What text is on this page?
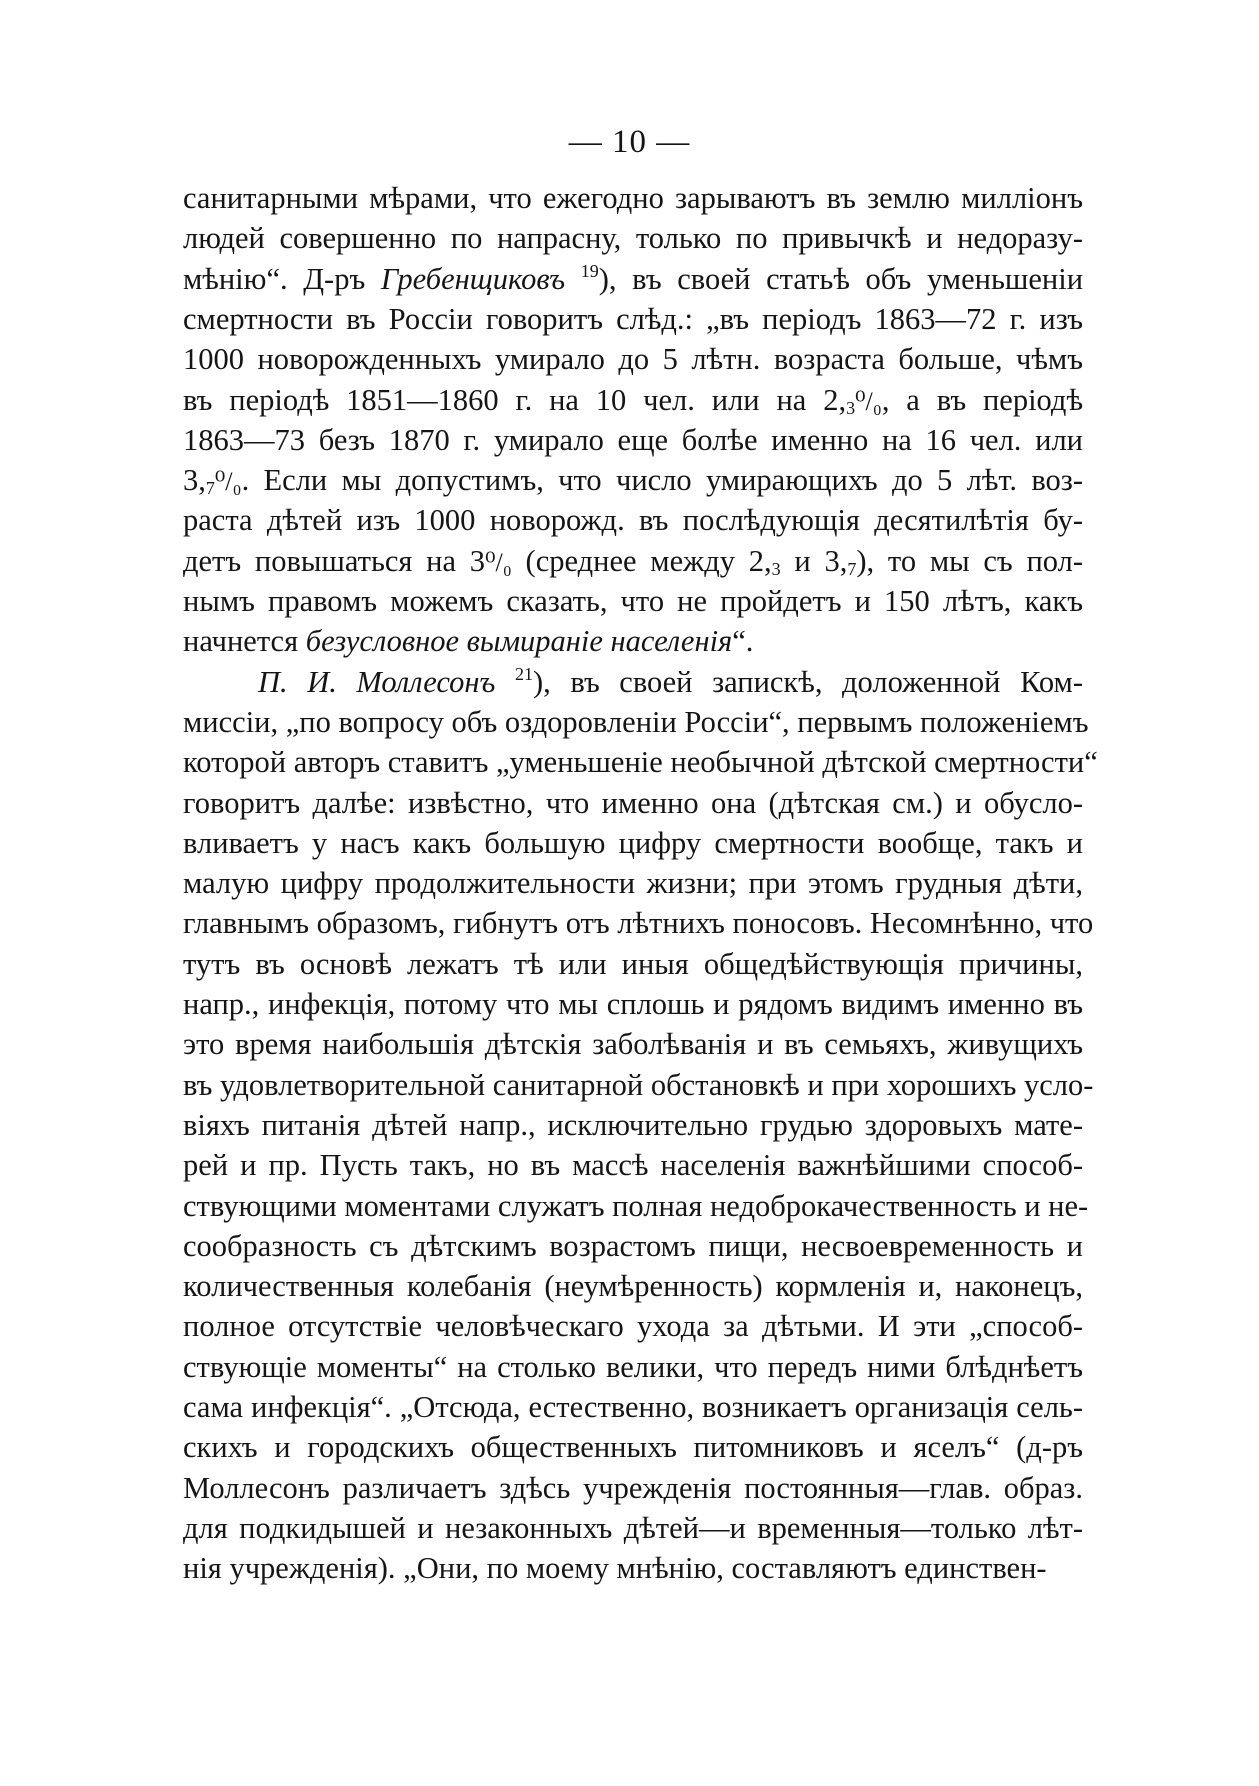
— 10 —
санитарными мѣрами, что ежегодно зарываютъ въ землю милліонъ
людей совершенно по напрасну, только по привычкѣ и недоразу-
мѣнію“. Д-ръ Гребенщиковъ $^{19}$), въ своей статьѣ объ уменьшеніи
смертности въ Россіи говоритъ слѣд.: „въ періодъ 1863—72 г. изъ
1000 новорожденныхъ умирало до 5 лѣтн. возраста больше, чѣмъ
въ періодѣ 1851—1860 г. на 10 чел. или на $2,_3^0/_0$, а въ періодѣ
1863—73 безъ 1870 г. умирало еще болѣе именно на 16 чел. или
$3,_7^0/_0$. Если мы допустимъ, что число умирающихъ до 5 лѣт. воз-
раста дѣтей изъ 1000 новорожд. въ послѣдующія десятилѣтія бу-
детъ повышаться на 3⁰/₀ (среднее между $2,_3$ и $3,_7$), то мы съ пол-
нымъ правомъ можемъ сказать, что не пройдетъ и 150 лѣтъ, какъ
начнется безусловное вымираніе населенія“.
П. И. Моллесонъ $^{21}$), въ своей запискѣ, доложенной Ком-
миссіи, „по вопросу объ оздоровленіи Россіи“, первымъ положеніемъ
которой авторъ ставитъ „уменьшеніе необычной дѣтской смертности“
говоритъ далѣе: извѣстно, что именно она (дѣтская см.) и обусло-
вливаетъ у насъ какъ большую цифру смертности вообще, такъ и
малую цифру продолжительности жизни; при этомъ грудныя дѣти,
главнымъ образомъ, гибнутъ отъ лѣтнихъ поносовъ. Несомнѣнно, что
тутъ въ основѣ лежатъ тѣ или иныя общедѣйствующія причины,
напр., инфекція, потому что мы сплошь и рядомъ видимъ именно въ
это время наибольшія дѣтскія заболѣванія и въ семьяхъ, живущихъ
въ удовлетворительной санитарной обстановкѣ и при хорошихъ усло-
віяхъ питанія дѣтей напр., исключительно грудью здоровыхъ мате-
рей и пр. Пусть такъ, но въ массѣ населенія важнѣйшими способ-
ствующими моментами служатъ полная недоброкачественность и не-
сообразность съ дѣтскимъ возрастомъ пищи, несвоевременность и
количественныя колебанія (неумѣренность) кормленія и, наконецъ,
полное отсутствіе человѣческаго ухода за дѣтьми. И эти „способ-
ствующіе моменты“ на столько велики, что передъ ними блѣднѣетъ
сама инфекція“. „Отсюда, естественно, возникаетъ организація сель-
скихъ и городскихъ общественныхъ питомниковъ и яселъ“ (д-ръ
Моллесонъ различаетъ здѣсь учрежденія постоянныя—глав. образ.
для подкидышей и незаконныхъ дѣтей—и временныя—только лѣт-
нія учрежденія). „Они, по моему мнѣнію, составляютъ единствен-
